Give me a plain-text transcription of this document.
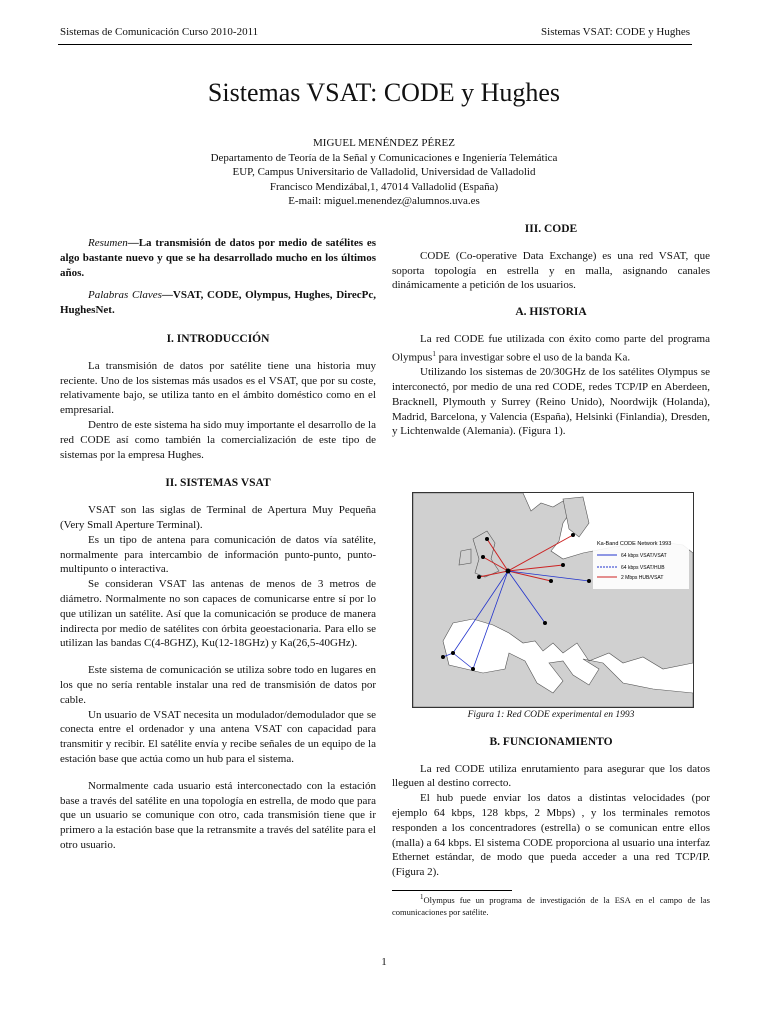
Sistemas de Comunicación Curso 2010-2011	Sistemas VSAT: CODE y Hughes
Sistemas VSAT: CODE y Hughes
MIGUEL MENÉNDEZ PÉREZ
Departamento de Teoría de la Señal y Comunicaciones e Ingeniería Telemática
EUP, Campus Universitario de Valladolid, Universidad de Valladolid
Francisco Mendizábal,1, 47014 Valladolid (España)
E-mail: miguel.menendez@alumnos.uva.es

Resumen—La transmisión de datos por medio de satélites es algo bastante nuevo y que se ha desarrollado mucho en los últimos años.

Palabras Claves—VSAT, CODE, Olympus, Hughes, DirecPc, HughesNet.

I. INTRODUCCIÓN

La transmisión de datos por satélite tiene una historia muy reciente. Uno de los sistemas más usados es el VSAT, que por su coste, relativamente bajo, se utiliza tanto en el ámbito doméstico como en el empresarial.

Dentro de este sistema ha sido muy importante el desarrollo de la red CODE así como también la comercialización de este tipo de sistemas por la empresa Hughes.

II. SISTEMAS VSAT

VSAT son las siglas de Terminal de Apertura Muy Pequeña (Very Small Aperture Terminal).

Es un tipo de antena para comunicación de datos vía satélite, normalmente para intercambio de información punto-punto, punto-multipunto o interactiva.

Se consideran VSAT las antenas de menos de 3 metros de diámetro. Normalmente no son capaces de comunicarse entre sí por lo que utilizan un satélite. Así que la comunicación se produce de manera indirecta por medio de satélites con órbita geoestacionaria. Para ello se utilizan las bandas C(4-8GHZ), Ku(12-18GHz) y Ka(26,5-40GHz).

Este sistema de comunicación se utiliza sobre todo en lugares en los que no sería rentable instalar una red de transmisión de datos por cable.

Un usuario de VSAT necesita un modulador/demodulador que se conecta entre el ordenador y una antena VSAT con capacidad para transmitir y recibir. El satélite envía y recibe señales de un equipo de la estación base que actúa como un hub para el sistema.

Normalmente cada usuario está interconectado con la estación base a través del satélite en una topología en estrella, de modo que para que un usuario se comunique con otro, cada transmisión tiene que ir primero a la estación base que la retransmite a través del satélite para el otro usuario.

III. CODE

CODE (Co-operative Data Exchange) es una red VSAT, que soporta topología en estrella y en malla, asignando canales dinámicamente a petición de los usuarios.

A. HISTORIA

La red CODE fue utilizada con éxito como parte del programa Olympus$^1$ para investigar sobre el uso de la banda Ka.

Utilizando los sistemas de 20/30GHz de los satélites Olympus se interconectó, por medio de una red CODE, redes TCP/IP en Aberdeen, Bracknell, Plymouth y Surrey (Reino Unido), Noordwijk (Holanda), Madrid, Barcelona, y Valencia (España), Helsinki (Finlandia), Dresden, y Lichtenwalde (Alemania). (Figura 1).

Ka-Band CODE Network 1993
64 kbps VSAT/VSAT
64 kbps VSAT/HUB
2 Mbps HUB/VSAT

Figura 1: Red CODE experimental en 1993

B. FUNCIONAMIENTO

La red CODE utiliza enrutamiento para asegurar que los datos lleguen al destino correcto.

El hub puede enviar los datos a distintas velocidades (por ejemplo 64 kbps, 128 kbps, 2 Mbps) , y los terminales remotos responden a los concentradores (estrella) o se comunican entre ellos (malla) a 64 kbps. El sistema CODE proporciona al usuario una interfaz Ethernet estándar, de modo que pueda acceder a una red TCP/IP. (Figura 2).

$^1$Olympus fue un programa de investigación de la ESA en el campo de las comunicaciones por satélite.

1
